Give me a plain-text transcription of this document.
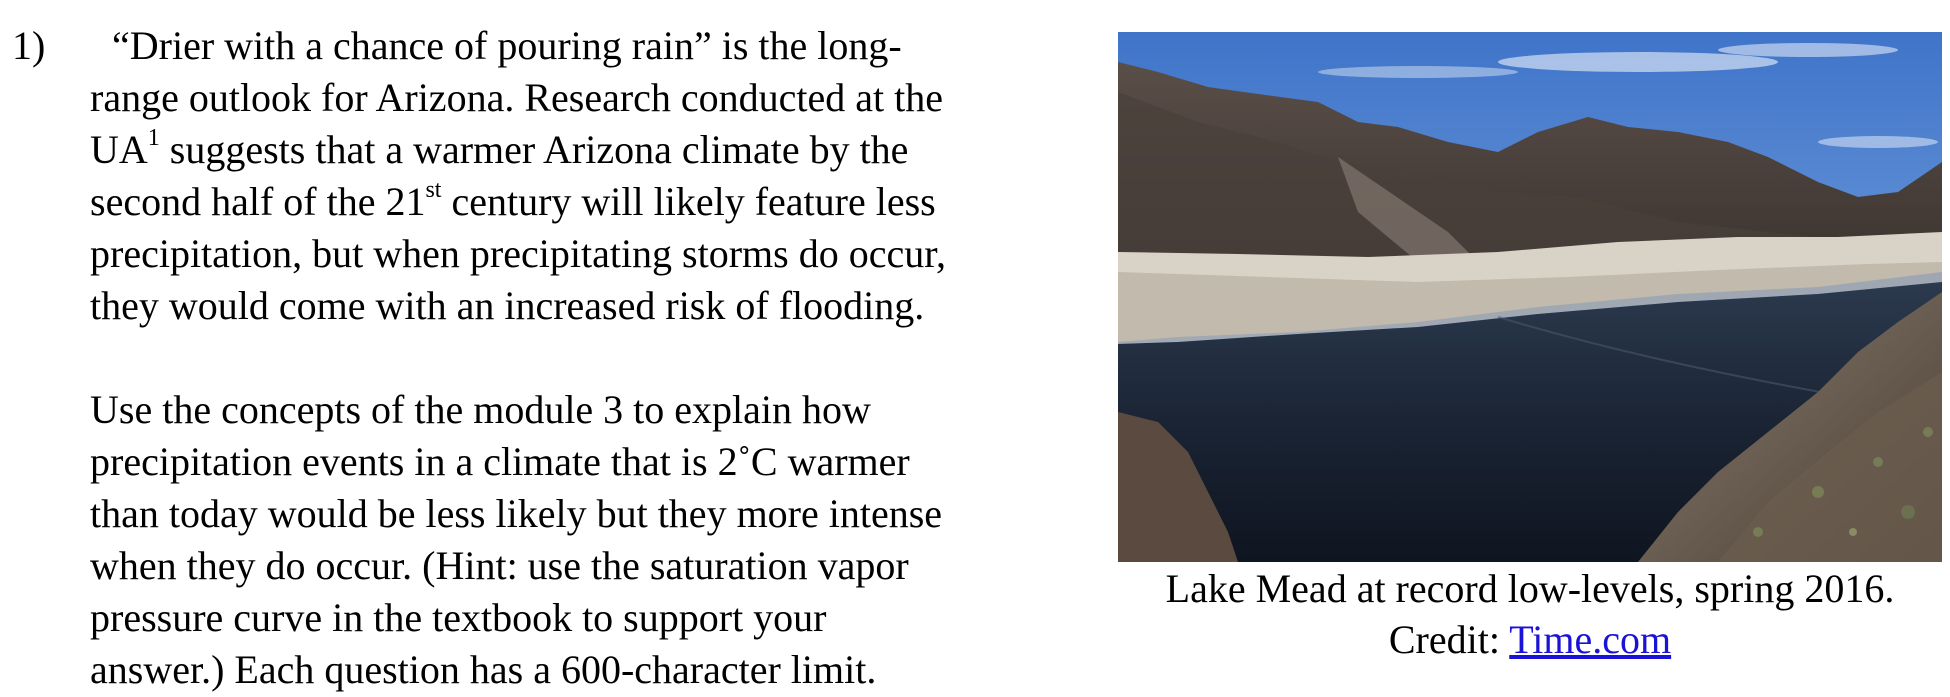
1)	“Drier with a chance of pouring rain” is the long-
range outlook for Arizona. Research conducted at the
$UA^1$ suggests that a warmer Arizona climate by the
second half of the 21st century will likely feature less
precipitation, but when precipitating storms do occur,
they would come with an increased risk of flooding.
Use the concepts of the module 3 to explain how
precipitation events in a climate that is 2˚C warmer
than today would be less likely but they more intense
when they do occur. (Hint: use the saturation vapor
pressure curve in the textbook to support your
answer.) Each question has a 600-character limit.
Lake Mead at record low-levels, spring 2016.
Credit: Time.com
